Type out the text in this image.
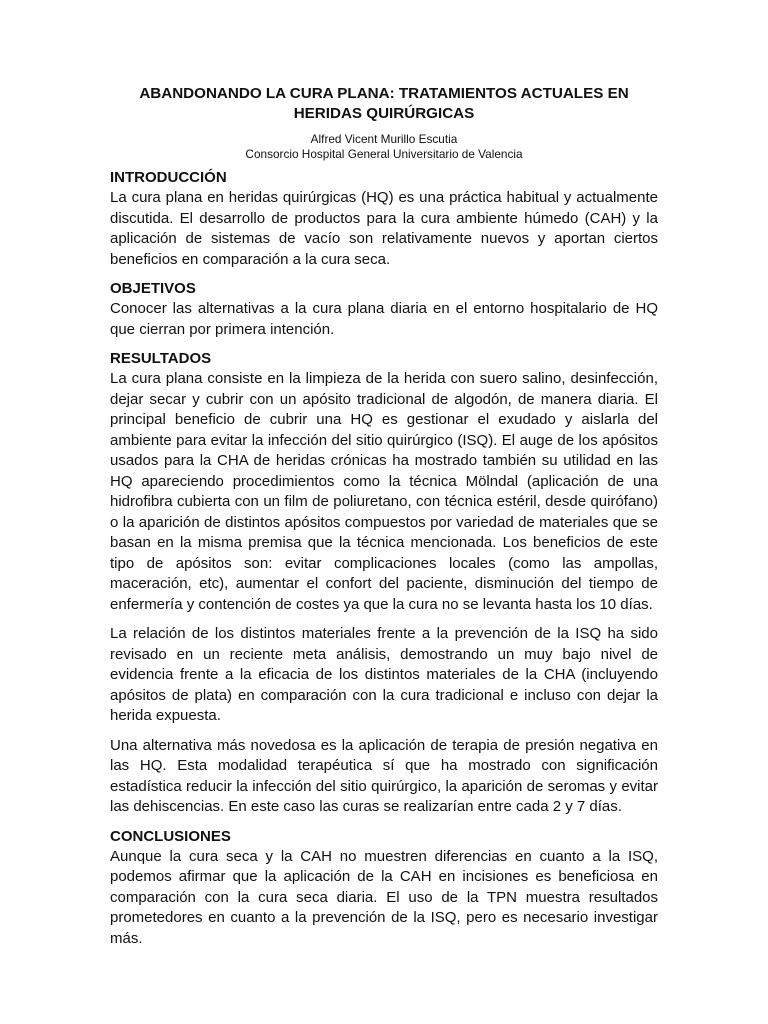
ABANDONANDO LA CURA PLANA: TRATAMIENTOS ACTUALES EN HERIDAS QUIRÚRGICAS
Alfred Vicent Murillo Escutia
Consorcio Hospital General Universitario de Valencia
INTRODUCCIÓN

La cura plana en heridas quirúrgicas (HQ) es una práctica habitual y actualmente discutida. El desarrollo de productos para la cura ambiente húmedo (CAH) y la aplicación de sistemas de vacío son relativamente nuevos y aportan ciertos beneficios en comparación a la cura seca.

OBJETIVOS

Conocer las alternativas a la cura plana diaria en el entorno hospitalario de HQ que cierran por primera intención.

RESULTADOS

La cura plana consiste en la limpieza de la herida con suero salino, desinfección, dejar secar y cubrir con un apósito tradicional de algodón, de manera diaria. El principal beneficio de cubrir una HQ es gestionar el exudado y aislarla del ambiente para evitar la infección del sitio quirúrgico (ISQ). El auge de los apósitos usados para la CHA de heridas crónicas ha mostrado también su utilidad en las HQ apareciendo procedimientos como la técnica Mölndal (aplicación de una hidrofibra cubierta con un film de poliuretano, con técnica estéril, desde quirófano) o la aparición de distintos apósitos compuestos por variedad de materiales que se basan en la misma premisa que la técnica mencionada. Los beneficios de este tipo de apósitos son: evitar complicaciones locales (como las ampollas, maceración, etc), aumentar el confort del paciente, disminución del tiempo de enfermería y contención de costes ya que la cura no se levanta hasta los 10 días.

La relación de los distintos materiales frente a la prevención de la ISQ ha sido revisado en un reciente meta análisis, demostrando un muy bajo nivel de evidencia frente a la eficacia de los distintos materiales de la CHA (incluyendo apósitos de plata) en comparación con la cura tradicional e incluso con dejar la herida expuesta.

Una alternativa más novedosa es la aplicación de terapia de presión negativa en las HQ. Esta modalidad terapéutica sí que ha mostrado con significación estadística reducir la infección del sitio quirúrgico, la aparición de seromas y evitar las dehiscencias. En este caso las curas se realizarían entre cada 2 y 7 días.

CONCLUSIONES

Aunque la cura seca y la CAH no muestren diferencias en cuanto a la ISQ, podemos afirmar que la aplicación de la CAH en incisiones es beneficiosa en comparación con la cura seca diaria. El uso de la TPN muestra resultados prometedores en cuanto a la prevención de la ISQ, pero es necesario investigar más.
